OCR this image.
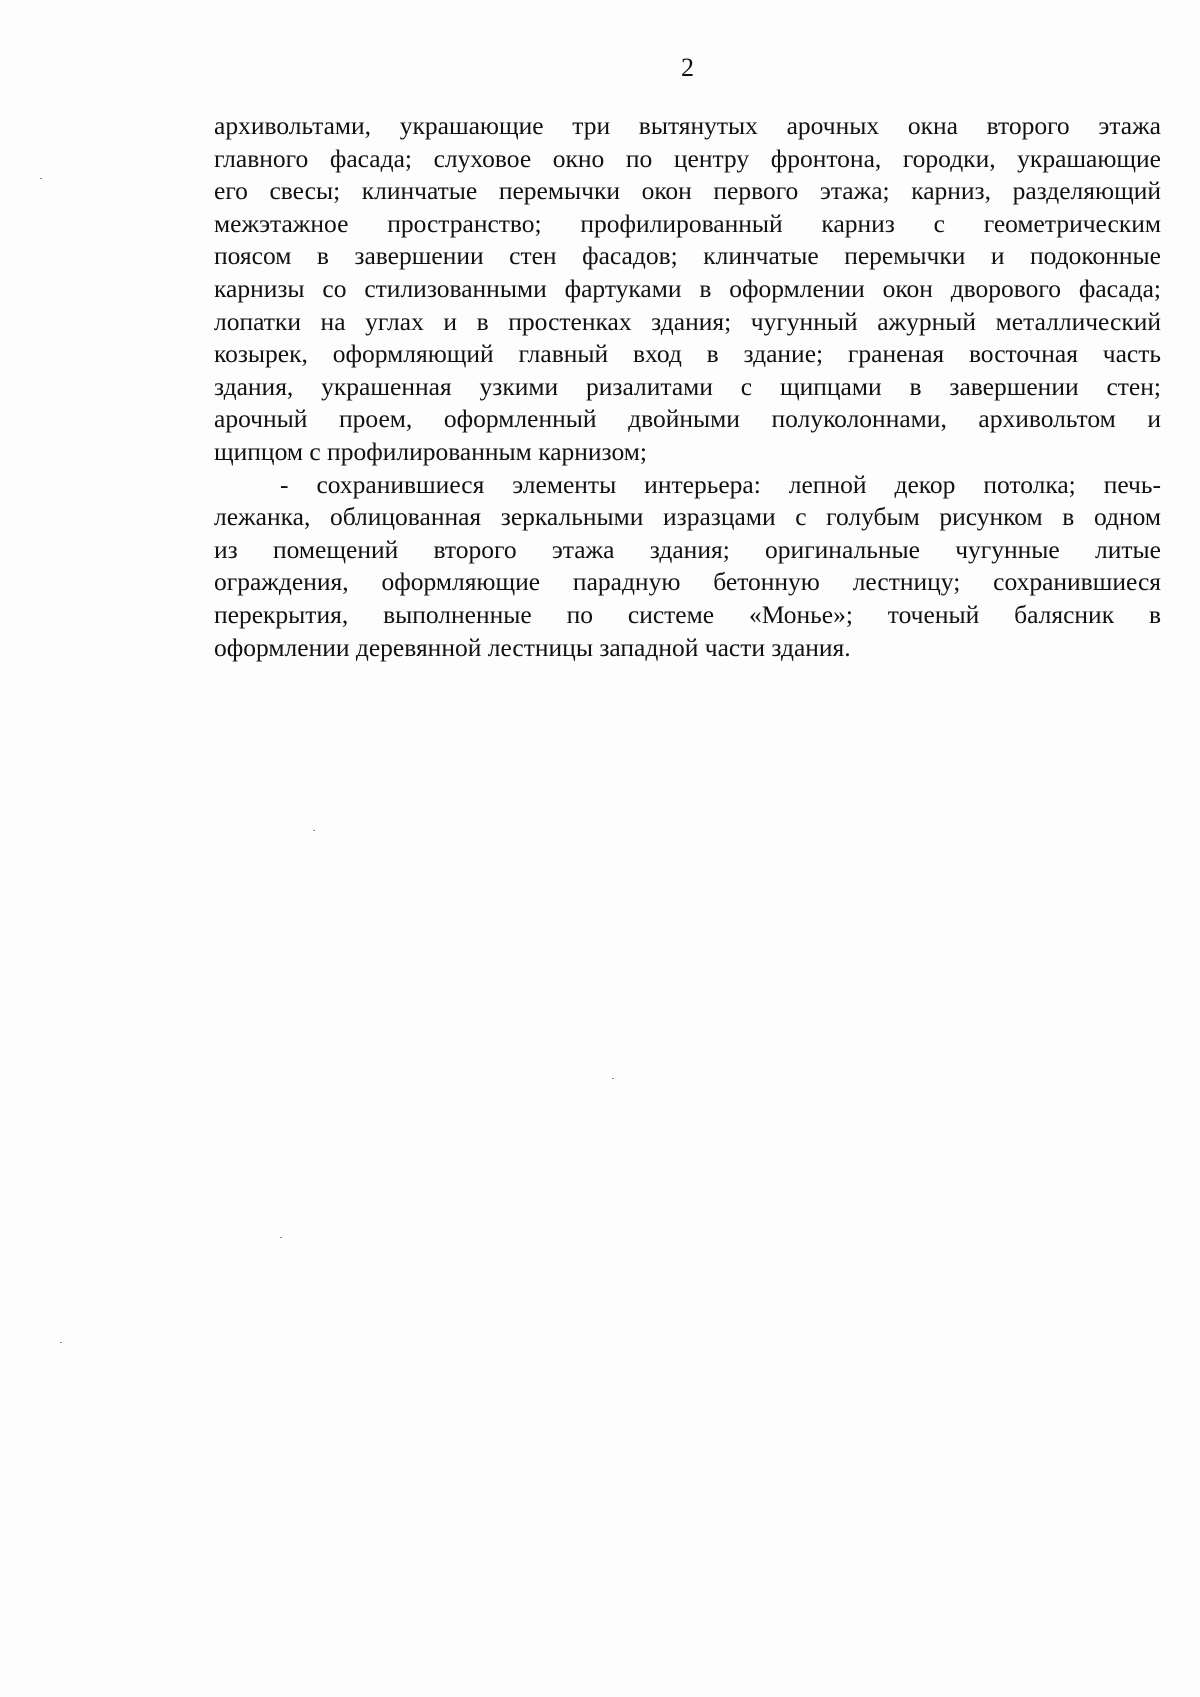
2
архивольтами, украшающие три вытянутых арочных окна второго этажа
главного фасада; слуховое окно по центру фронтона, городки, украшающие
его свесы; клинчатые перемычки окон первого этажа; карниз, разделяющий
межэтажное пространство; профилированный карниз с геометрическим
поясом в завершении стен фасадов; клинчатые перемычки и подоконные
карнизы со стилизованными фартуками в оформлении окон дворового фасада;
лопатки на углах и в простенках здания; чугунный ажурный металлический
козырек, оформляющий главный вход в здание; граненая восточная часть
здания, украшенная узкими ризалитами с щипцами в завершении стен;
арочный проем, оформленный двойными полуколоннами, архивольтом и
щипцом с профилированным карнизом;
- сохранившиеся элементы интерьера: лепной декор потолка; печь-
лежанка, облицованная зеркальными изразцами с голубым рисунком в одном
из помещений второго этажа здания; оригинальные чугунные литые
ограждения, оформляющие парадную бетонную лестницу; сохранившиеся
перекрытия, выполненные по системе «Монье»; точеный балясник в
оформлении деревянной лестницы западной части здания.
